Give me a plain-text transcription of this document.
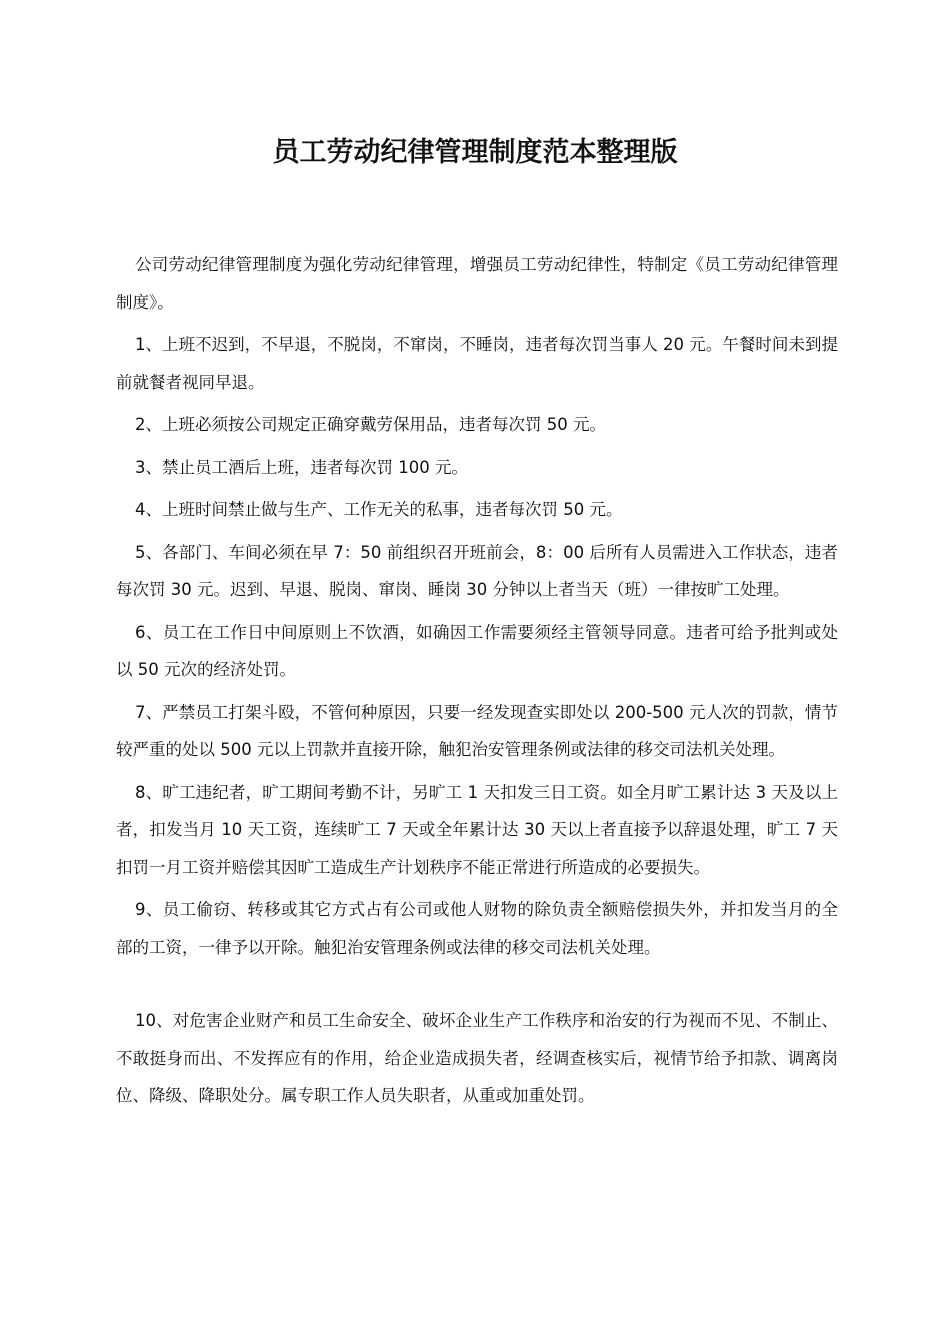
员工劳动纪律管理制度范本整理版

公司劳动纪律管理制度为强化劳动纪律管理，增强员工劳动纪律性，特制定《员工劳动纪律管理制度》。

1、上班不迟到，不早退，不脱岗，不窜岗，不睡岗，违者每次罚当事人 20 元。午餐时间未到提前就餐者视同早退。

2、上班必须按公司规定正确穿戴劳保用品，违者每次罚 50 元。

3、禁止员工酒后上班，违者每次罚 100 元。

4、上班时间禁止做与生产、工作无关的私事，违者每次罚 50 元。

5、各部门、车间必须在早 7：50 前组织召开班前会，8：00 后所有人员需进入工作状态，违者每次罚 30 元。迟到、早退、脱岗、窜岗、睡岗 30 分钟以上者当天（班）一律按旷工处理。

6、员工在工作日中间原则上不饮酒，如确因工作需要须经主管领导同意。违者可给予批判或处以 50 元次的经济处罚。

7、严禁员工打架斗殴，不管何种原因，只要一经发现查实即处以 200-500 元人次的罚款，情节较严重的处以 500 元以上罚款并直接开除，触犯治安管理条例或法律的移交司法机关处理。

8、旷工违纪者，旷工期间考勤不计，另旷工 1 天扣发三日工资。如全月旷工累计达 3 天及以上者，扣发当月 10 天工资，连续旷工 7 天或全年累计达 30 天以上者直接予以辞退处理，旷工 7 天扣罚一月工资并赔偿其因旷工造成生产计划秩序不能正常进行所造成的必要损失。

9、员工偷窃、转移或其它方式占有公司或他人财物的除负责全额赔偿损失外，并扣发当月的全部的工资，一律予以开除。触犯治安管理条例或法律的移交司法机关处理。

10、对危害企业财产和员工生命安全、破坏企业生产工作秩序和治安的行为视而不见、不制止、不敢挺身而出、不发挥应有的作用，给企业造成损失者，经调查核实后，视情节给予扣款、调离岗位、降级、降职处分。属专职工作人员失职者，从重或加重处罚。
